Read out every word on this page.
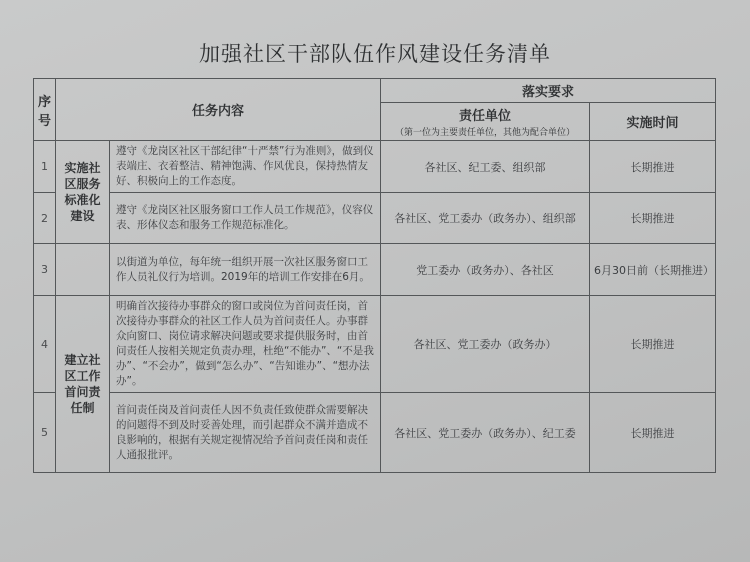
加强社区干部队伍作风建设任务清单
序号	任务内容		落实要求	
			责任单位
（第一位为主要责任单位，其他为配合单位）	实施时间
1	实施社区服务标准化建设	遵守《龙岗区社区干部纪律“十严禁”行为准则》，做到仪表端庄、衣着整洁、精神饱满、作风优良，保持热情友好、积极向上的工作态度。	各社区、纪工委、组织部	长期推进
2		遵守《龙岗区社区服务窗口工作人员工作规范》，仪容仪表、形体仪态和服务工作规范标准化。	各社区、党工委办（政务办）、组织部	长期推进
3		以街道为单位，每年统一组织开展一次社区服务窗口工作人员礼仪行为培训。2019年的培训工作安排在6月。	党工委办（政务办）、各社区	6月30日前（长期推进）
4	建立社区工作首问责任制	明确首次接待办事群众的窗口或岗位为首问责任岗，首次接待办事群众的社区工作人员为首问责任人。办事群众向窗口、岗位请求解决问题或要求提供服务时，由首问责任人按相关规定负责办理，杜绝“不能办”、“不是我办”、“不会办”，做到“怎么办”、“告知谁办”、“想办法办”。	各社区、党工委办（政务办）	长期推进
5		首问责任岗及首问责任人因不负责任致使群众需要解决的问题得不到及时妥善处理，而引起群众不满并造成不良影响的，根据有关规定视情况给予首问责任岗和责任人通报批评。	各社区、党工委办（政务办）、纪工委	长期推进
